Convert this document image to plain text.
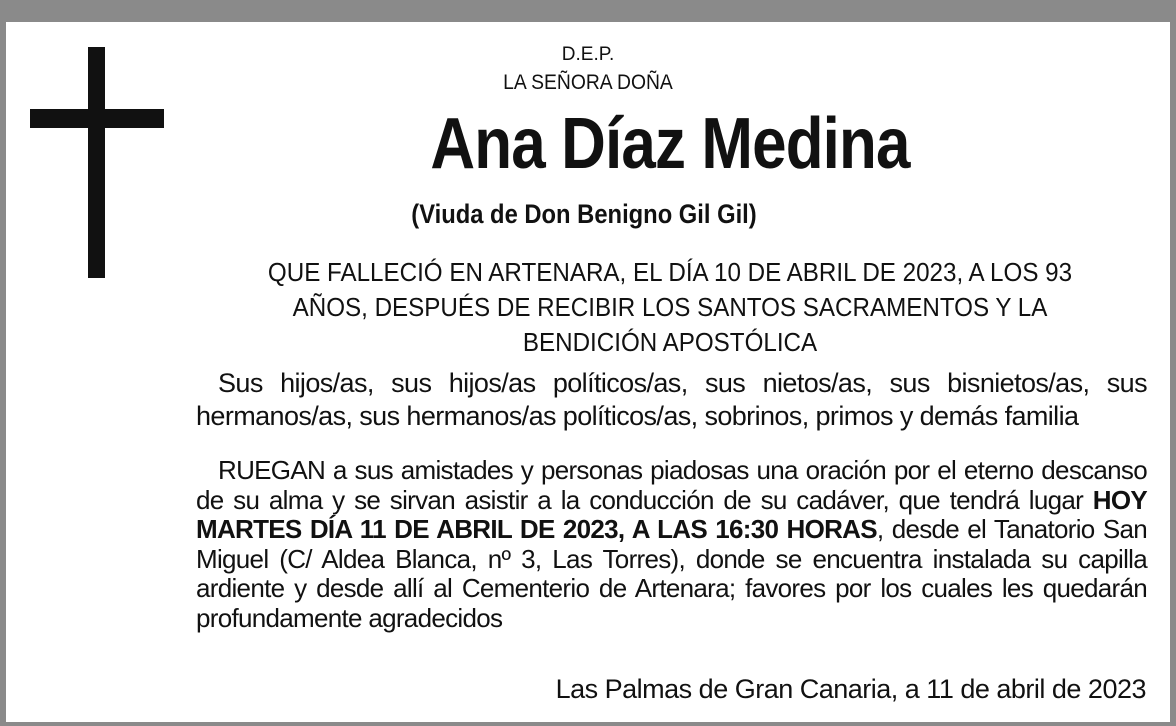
D.E.P.
LA SEÑORA DOÑA
Ana Díaz Medina
(Viuda de Don Benigno Gil Gil)
QUE FALLECIÓ EN ARTENARA, EL DÍA 10 DE ABRIL DE 2023, A LOS 93 AÑOS, DESPUÉS DE RECIBIR LOS SANTOS SACRAMENTOS Y LA BENDICIÓN APOSTÓLICA
Sus hijos/as, sus hijos/as políticos/as, sus nietos/as, sus bisnietos/as, sus hermanos/as, sus hermanos/as políticos/as, sobrinos, primos y demás familia
RUEGAN a sus amistades y personas piadosas una oración por el eterno descanso de su alma y se sirvan asistir a la conducción de su cadáver, que tendrá lugar HOY MARTES DÍA 11 DE ABRIL DE 2023, A LAS 16:30 HORAS, desde el Tanatorio San Miguel (C/ Aldea Blanca, nº 3, Las Torres), donde se encuentra instalada su capilla ardiente y desde allí al Cementerio de Artenara; favores por los cuales les quedarán profundamente agradecidos
Las Palmas de Gran Canaria, a 11 de abril de 2023
